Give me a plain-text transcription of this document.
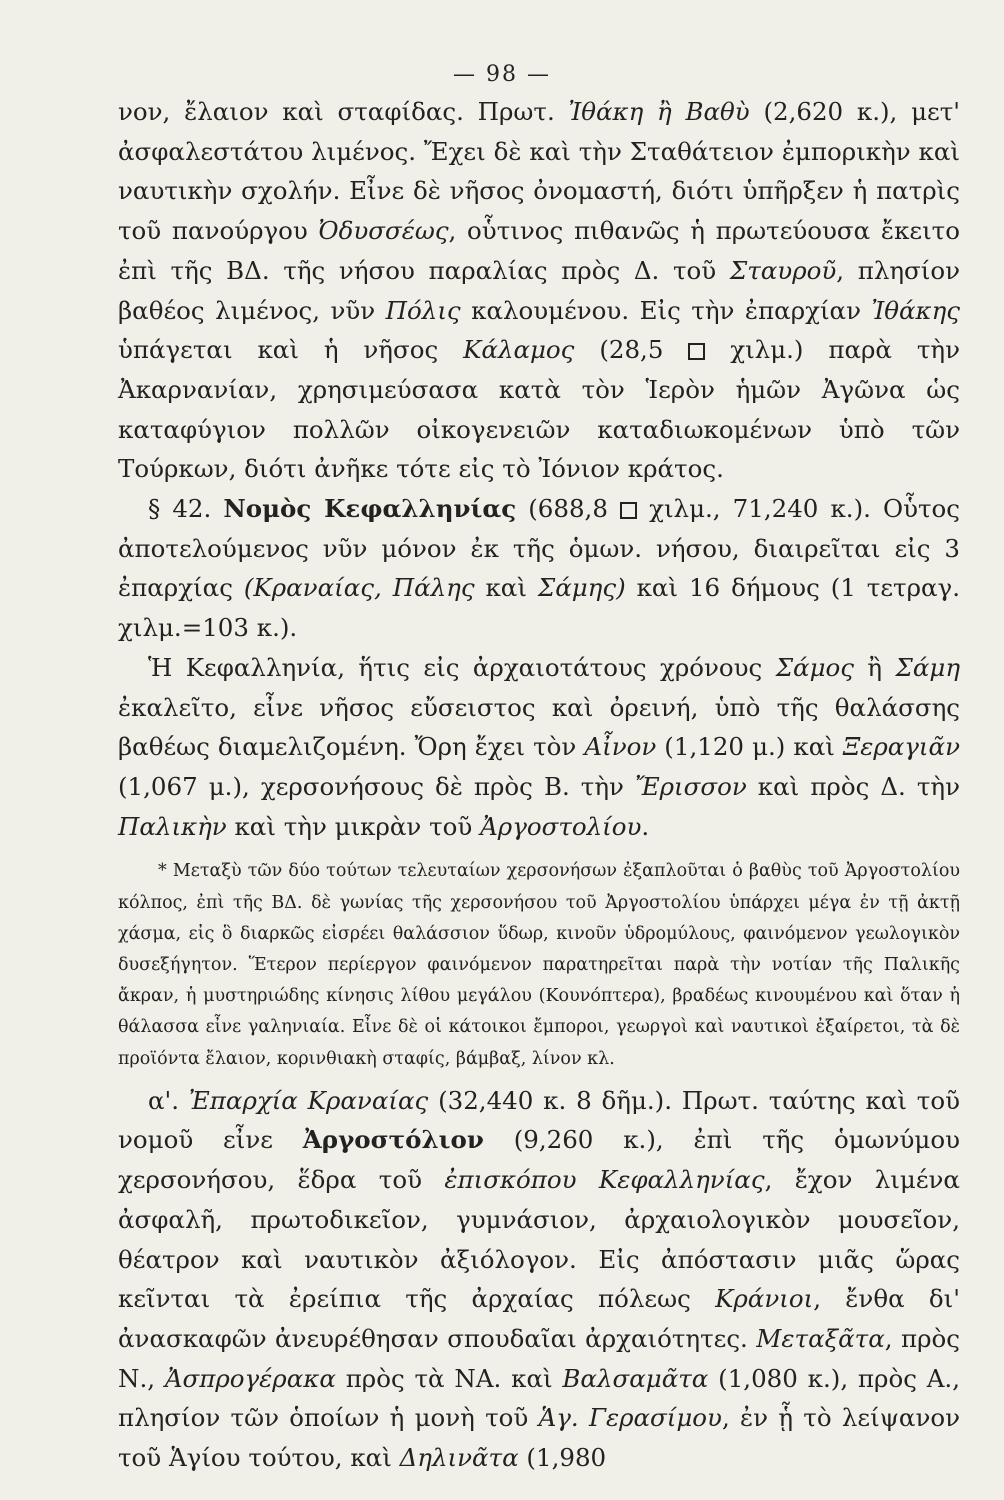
— 98 —

νον, ἔλαιον καὶ σταφίδας. Πρωτ. Ἰθάκη ἢ Βαθὺ (2,620 κ.), μετ' ἀσφαλεστάτου λιμένος. Ἔχει δὲ καὶ τὴν Σταθάτειον ἐμπορικὴν καὶ ναυτικὴν σχολήν. Εἶνε δὲ νῆσος ὀνομαστή, διότι ὑπῆρξεν ἡ πατρὶς τοῦ πανούργου Ὀδυσσέως, οὗτινος πιθανῶς ἡ πρωτεύουσα ἔκειτο ἐπὶ τῆς ΒΔ. τῆς νήσου παραλίας πρὸς Δ. τοῦ Σταυροῦ, πλησίον βαθέος λιμένος, νῦν Πόλις καλουμένου. Εἰς τὴν ἐπαρχίαν Ἰθάκης ὑπάγεται καὶ ἡ νῆσος Κάλαμος (28,5  χιλμ.) παρὰ τὴν Ἀκαρνανίαν, χρησιμεύσασα κατὰ τὸν Ἱερὸν ἡμῶν Ἀγῶνα ὡς καταφύγιον πολλῶν οἰκογενειῶν καταδιωκομένων ὑπὸ τῶν Τούρκων, διότι ἀνῆκε τότε εἰς τὸ Ἰόνιον κράτος.

§ 42. Νομὸς Κεφαλληνίας (688,8  χιλμ., 71,240 κ.). Οὗτος ἀποτελούμενος νῦν μόνον ἐκ τῆς ὁμων. νήσου, διαιρεῖται εἰς 3 ἐπαρχίας (Κραναίας, Πάλης καὶ Σάμης) καὶ 16 δήμους (1 τετραγ. χιλμ.=103 κ.).

Ἡ Κεφαλληνία, ἥτις εἰς ἀρχαιοτάτους χρόνους Σάμος ἢ Σάμη ἐκαλεῖτο, εἶνε νῆσος εὔσειστος καὶ ὀρεινή, ὑπὸ τῆς θαλάσσης βαθέως διαμελιζομένη. Ὄρη ἔχει τὸν Αἶνον (1,120 μ.) καὶ Ξεραγιᾶν (1,067 μ.), χερσονήσους δὲ πρὸς Β. τὴν Ἔρισσον καὶ πρὸς Δ. τὴν Παλικὴν καὶ τὴν μικρὰν τοῦ Ἀργοστολίου.

* Μεταξὺ τῶν δύο τούτων τελευταίων χερσονήσων ἐξαπλοῦται ὁ βαθὺς τοῦ Ἀργοστολίου κόλπος, ἐπὶ τῆς ΒΔ. δὲ γωνίας τῆς χερσονήσου τοῦ Ἀργοστολίου ὑπάρχει μέγα ἐν τῇ ἀκτῇ χάσμα, εἰς ὃ διαρκῶς εἰσρέει θαλάσσιον ὕδωρ, κινοῦν ὑδρομύλους, φαινόμενον γεωλογικὸν δυσεξήγητον. Ἕτερον περίεργον φαινόμενον παρατηρεῖται παρὰ τὴν νοτίαν τῆς Παλικῆς ἄκραν, ἡ μυστηριώδης κίνησις λίθου μεγάλου (Κουνόπτερα), βραδέως κινουμένου καὶ ὅταν ἡ θάλασσα εἶνε γαληνιαία. Εἶνε δὲ οἱ κάτοικοι ἔμποροι, γεωργοὶ καὶ ναυτικοὶ ἐξαίρετοι, τὰ δὲ προϊόντα ἔλαιον, κορινθιακὴ σταφίς, βάμβαξ, λίνον κλ.

α'. Ἐπαρχία Κραναίας (32,440 κ. 8 δῆμ.). Πρωτ. ταύτης καὶ τοῦ νομοῦ εἶνε Ἀργοστόλιον (9,260 κ.), ἐπὶ τῆς ὁμωνύμου χερσονήσου, ἕδρα τοῦ ἐπισκόπου Κεφαλληνίας, ἔχον λιμένα ἀσφαλῆ, πρωτοδικεῖον, γυμνάσιον, ἀρχαιολογικὸν μουσεῖον, θέατρον καὶ ναυτικὸν ἀξιόλογον. Εἰς ἀπόστασιν μιᾶς ὥρας κεῖνται τὰ ἐρείπια τῆς ἀρχαίας πόλεως Κράνιοι, ἔνθα δι' ἀνασκαφῶν ἀνευρέθησαν σπουδαῖαι ἀρχαιότητες. Μεταξᾶτα, πρὸς Ν., Ἀσπρογέρακα πρὸς τὰ ΝΑ. καὶ Βαλσαμᾶτα (1,080 κ.), πρὸς Α., πλησίον τῶν ὁποίων ἡ μονὴ τοῦ Ἁγ. Γερασίμου, ἐν ᾗ τὸ λείψανον τοῦ Ἁγίου τούτου, καὶ Δηλινᾶτα (1,980
